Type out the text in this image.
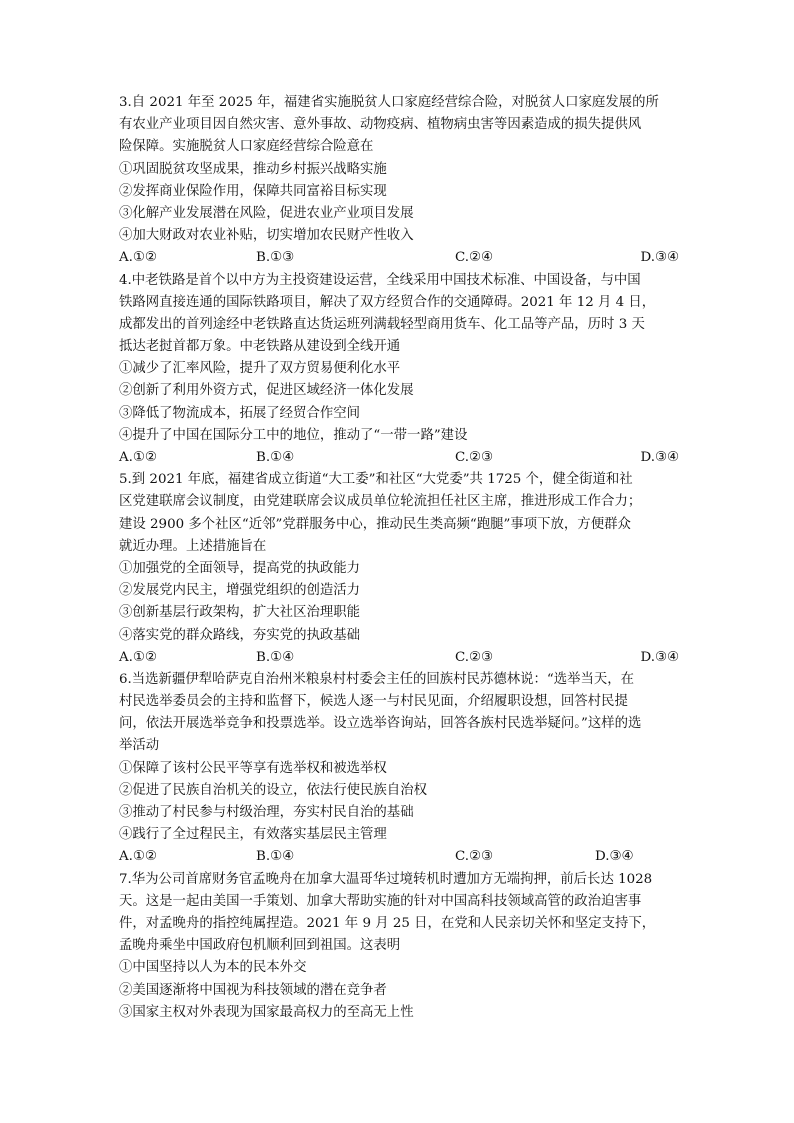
3.自 2021 年至 2025 年，福建省实施脱贫人口家庭经营综合险，对脱贫人口家庭发展的所
有农业产业项目因自然灾害、意外事故、动物疫病、植物病虫害等因素造成的损失提供风
险保障。实施脱贫人口家庭经营综合险意在
①巩固脱贫攻坚成果，推动乡村振兴战略实施
②发挥商业保险作用，保障共同富裕目标实现
③化解产业发展潜在风险，促进农业产业项目发展
④加大财政对农业补贴，切实增加农民财产性收入
A.①②	B.①③	C.②④	D.③④
4.中老铁路是首个以中方为主投资建设运营，全线采用中国技术标准、中国设备，与中国
铁路网直接连通的国际铁路项目，解决了双方经贸合作的交通障碍。2021 年 12 月 4 日，
成都发出的首列途经中老铁路直达货运班列满载轻型商用货车、化工品等产品，历时 3 天
抵达老挝首都万象。中老铁路从建设到全线开通
①减少了汇率风险，提升了双方贸易便利化水平
②创新了利用外资方式，促进区域经济一体化发展
③降低了物流成本，拓展了经贸合作空间
④提升了中国在国际分工中的地位，推动了“一带一路”建设
A.①②	B.①④	C.②③	D.③④
5.到 2021 年底，福建省成立街道“大工委”和社区“大党委”共 1725 个，健全街道和社
区党建联席会议制度，由党建联席会议成员单位轮流担任社区主席，推进形成工作合力；
建设 2900 多个社区“近邻”党群服务中心，推动民生类高频“跑腿”事项下放，方便群众
就近办理。上述措施旨在
①加强党的全面领导，提高党的执政能力
②发展党内民主，增强党组织的创造活力
③创新基层行政架构，扩大社区治理职能
④落实党的群众路线，夯实党的执政基础
A.①②	B.①④	C.②③	D.③④
6.当选新疆伊犁哈萨克自治州米粮泉村村委会主任的回族村民苏德林说：“选举当天，在
村民选举委员会的主持和监督下，候选人逐一与村民见面，介绍履职设想，回答村民提
问，依法开展选举竞争和投票选举。设立选举咨询站，回答各族村民选举疑问。”这样的选
举活动
①保障了该村公民平等享有选举权和被选举权
②促进了民族自治机关的设立，依法行使民族自治权
③推动了村民参与村级治理，夯实村民自治的基础
④践行了全过程民主，有效落实基层民主管理
A.①②	B.①④	C.②③	D.③④
7.华为公司首席财务官孟晚舟在加拿大温哥华过境转机时遭加方无端拘押，前后长达 1028
天。这是一起由美国一手策划、加拿大帮助实施的针对中国高科技领域高管的政治迫害事
件，对孟晚舟的指控纯属捏造。2021 年 9 月 25 日，在党和人民亲切关怀和坚定支持下，
孟晚舟乘坐中国政府包机顺利回到祖国。这表明
①中国坚持以人为本的民本外交
②美国逐渐将中国视为科技领域的潜在竞争者
③国家主权对外表现为国家最高权力的至高无上性
